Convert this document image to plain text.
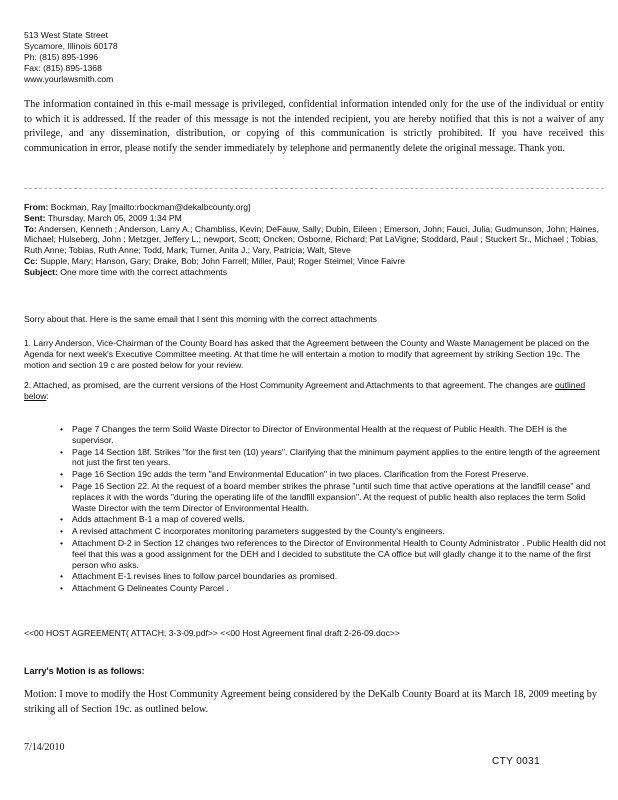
513 West State Street
Sycamore, Illinois 60178
Ph: (815) 895-1996
Fax: (815) 895-1368
www.yourlawsmith.com
The information contained in this e-mail message is privileged, confidential information intended only for the use of the individual or entity to which it is addressed. If the reader of this message is not the intended recipient, you are hereby notified that this is not a waiver of any privilege, and any dissemination, distribution, or copying of this communication is strictly prohibited. If you have received this communication in error, please notify the sender immediately by telephone and permanently delete the original message. Thank you.
From: Bockman, Ray [mailto:rbockman@dekalbcounty.org]
Sent: Thursday, March 05, 2009 1:34 PM
To: Andersen, Kenneth ; Anderson, Larry A.; Chambliss, Kevin; DeFauw, Sally; Dubin, Eileen ; Emerson, John; Fauci, Julia; Gudmunson, John; Haines, Michael; Hulseberg, John ; Metzger, Jeffery L.; newport, Scott; Oncken; Osborne, Richard; Pat LaVigne; Stoddard, Paul ; Stuckert Sr., Michael ; Tobias, Ruth Anne; Tobias, Ruth Anne; Todd, Mark; Turner, Anita J.; Vary, Patricia; Walt, Steve
Cc: Supple, Mary; Hanson, Gary; Drake, Bob; John Farrell; Miller, Paul; Roger Steimel; Vince Faivre
Subject: One more time with the correct attachments
Sorry about that. Here is the same email that I sent this morning with the correct attachments
1. Larry Anderson, Vice-Chairman of the County Board has asked that the Agreement between the County and Waste Management be placed on the Agenda for next week's Executive Committee meeting. At that time he will entertain a motion to modify that agreement by striking Section 19c. The motion and section 19 c are posted below for your review.
2. Attached, as promised, are the current versions of the Host Community Agreement and Attachments to that agreement. The changes are outlined below:
• Page 7 Changes the term Solid Waste Director to Director of Environmental Health at the request of Public Health. The DEH is the supervisor.
• Page 14 Section 18f. Strikes "for the first ten (10) years". Clarifying that the minimum payment applies to the entire length of the agreement not just the first ten years.
• Page 16 Section 19c adds the term "and Environmental Education" in two places. Clarification from the Forest Preserve.
• Page 16 Section 22. At the request of a board member strikes the phrase "until such time that active operations at the landfill cease" and replaces it with the words "during the operating life of the landfill expansion". At the request of public health also replaces the term Solid Waste Director with the term Director of Environmental Health.
• Adds attachment B-1 a map of covered wells.
• A revised attachment C incorporates monitoring parameters suggested by the County's engineers.
• Attachment D-2 in Section 12 changes two references to the Director of Environmental Health to County Administrator . Public Health did not feel that this was a good assignment for the DEH and I decided to substitute the CA office but will gladly change it to the name of the first person who asks.
• Attachment E-1 revises lines to follow parcel boundaries as promised.
• Attachment G Delineates County Parcel .
<<00 HOST AGREEMENT( ATTACH; 3-3-09.pdf>> <<00 Host Agreement final draft 2-26-09.doc>>
Larry's Motion is as follows:
Motion: I move to modify the Host Community Agreement being considered by the DeKalb County Board at its March 18, 2009 meeting by striking all of Section 19c. as outlined below.
7/14/2010
CTY 0031
